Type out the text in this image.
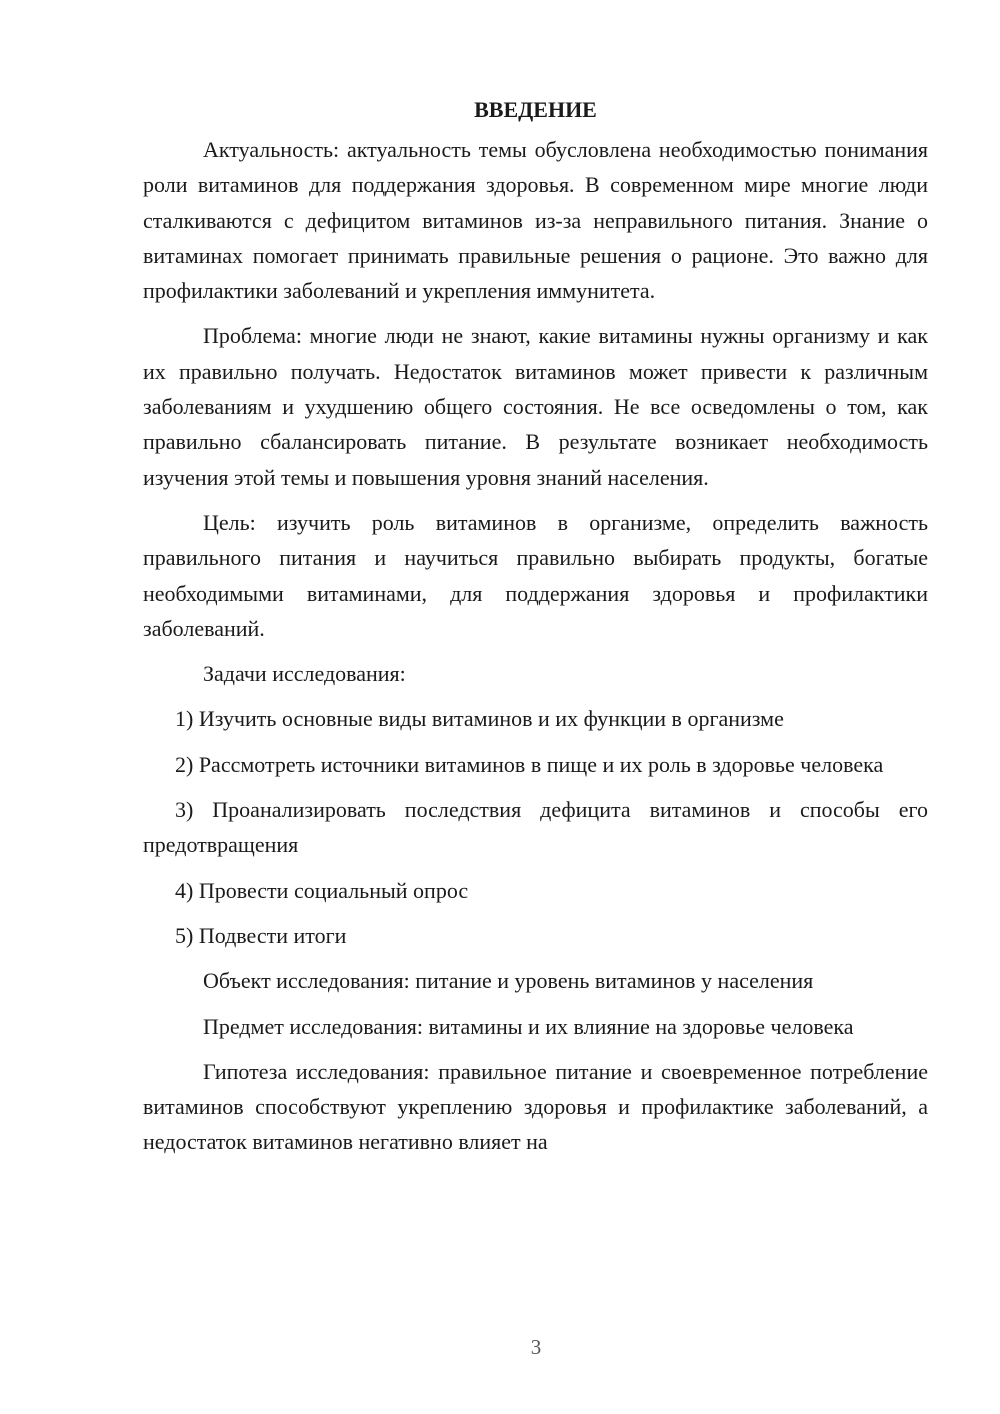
ВВЕДЕНИЕ

Актуальность: актуальность темы обусловлена необходимостью понимания роли витаминов для поддержания здоровья. В современном мире многие люди сталкиваются с дефицитом витаминов из-за неправильного питания. Знание о витаминах помогает принимать правильные решения о рационе. Это важно для профилактики заболеваний и укрепления иммунитета.

Проблема: многие люди не знают, какие витамины нужны организму и как их правильно получать. Недостаток витаминов может привести к различным заболеваниям и ухудшению общего состояния. Не все осведомлены о том, как правильно сбалансировать питание. В результате возникает необходимость изучения этой темы и повышения уровня знаний населения.

Цель: изучить роль витаминов в организме, определить важность правильного питания и научиться правильно выбирать продукты, богатые необходимыми витаминами, для поддержания здоровья и профилактики заболеваний.

Задачи исследования:

1) Изучить основные виды витаминов и их функции в организме

2) Рассмотреть источники витаминов в пище и их роль в здоровье человека

3) Проанализировать последствия дефицита витаминов и способы его предотвращения

4) Провести социальный опрос

5) Подвести итоги

Объект исследования: питание и уровень витаминов у населения

Предмет исследования: витамины и их влияние на здоровье человека

Гипотеза исследования: правильное питание и своевременное потребление витаминов способствуют укреплению здоровья и профилактике заболеваний, а недостаток витаминов негативно влияет на

3
